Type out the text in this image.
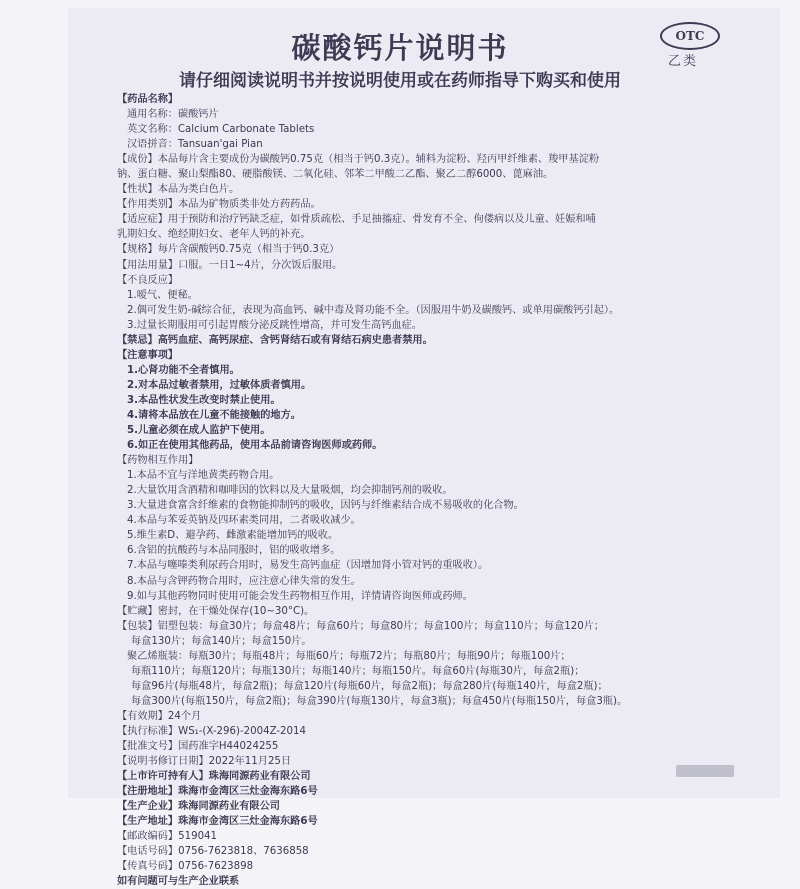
OTC
乙类
碳酸钙片说明书
请仔细阅读说明书并按说明使用或在药师指导下购买和使用
【药品名称】
通用名称：碳酸钙片
英文名称：Calcium Carbonate Tablets
汉语拼音：Tansuan'gai Pian
【成份】本品每片含主要成份为碳酸钙0.75克（相当于钙0.3克）。辅料为淀粉、羟丙甲纤维素、羧甲基淀粉
钠、蛋白糖、聚山梨酯80、硬脂酸镁、二氧化硅、邻苯二甲酸二乙酯、聚乙二醇6000、蓖麻油。
【性状】本品为类白色片。
【作用类别】本品为矿物质类非处方药药品。
【适应症】用于预防和治疗钙缺乏症，如骨质疏松、手足抽搐症、骨发育不全、佝偻病以及儿童、妊娠和哺
乳期妇女、绝经期妇女、老年人钙的补充。
【规格】每片含碳酸钙0.75克（相当于钙0.3克）
【用法用量】口服。一日1~4片，分次饭后服用。
【不良反应】
1.嗳气、便秘。
2.偶可发生奶-碱综合征，表现为高血钙、碱中毒及肾功能不全。（因服用牛奶及碳酸钙、或单用碳酸钙引起）。
3.过量长期服用可引起胃酸分泌反跳性增高，并可发生高钙血症。
【禁忌】高钙血症、高钙尿症、含钙肾结石或有肾结石病史患者禁用。
【注意事项】
1.心肾功能不全者慎用。
2.对本品过敏者禁用，过敏体质者慎用。
3.本品性状发生改变时禁止使用。
4.请将本品放在儿童不能接触的地方。
5.儿童必须在成人监护下使用。
6.如正在使用其他药品，使用本品前请咨询医师或药师。
【药物相互作用】
1.本品不宜与洋地黄类药物合用。
2.大量饮用含酒精和咖啡因的饮料以及大量吸烟，均会抑制钙剂的吸收。
3.大量进食富含纤维素的食物能抑制钙的吸收，因钙与纤维素结合成不易吸收的化合物。
4.本品与苯妥英钠及四环素类同用，二者吸收减少。
5.维生素D、避孕药、雌激素能增加钙的吸收。
6.含铝的抗酸药与本品同服时，铝的吸收增多。
7.本品与噻嗪类利尿药合用时，易发生高钙血症（因增加肾小管对钙的重吸收）。
8.本品与含钾药物合用时，应注意心律失常的发生。
9.如与其他药物同时使用可能会发生药物相互作用，详情请咨询医师或药师。
【贮藏】密封，在干燥处保存(10~30°C)。
【包装】铝塑包装：每盒30片；每盒48片；每盒60片；每盒80片；每盒100片；每盒110片；每盒120片；
每盒130片；每盒140片；每盒150片。
聚乙烯瓶装：每瓶30片；每瓶48片；每瓶60片；每瓶72片；每瓶80片；每瓶90片；每瓶100片；
每瓶110片；每瓶120片；每瓶130片；每瓶140片；每瓶150片。每盒60片(每瓶30片，每盒2瓶)；
每盒96片(每瓶48片，每盒2瓶)；每盒120片(每瓶60片，每盒2瓶)；每盒280片(每瓶140片，每盒2瓶)；
每盒300片(每瓶150片，每盒2瓶)；每盒390片(每瓶130片，每盒3瓶)；每盒450片(每瓶150片，每盒3瓶)。
【有效期】24个月
【执行标准】WS₁-(X-296)-2004Z-2014
【批准文号】国药准字H44024255
【说明书修订日期】2022年11月25日
【上市许可持有人】珠海同源药业有限公司
【注册地址】珠海市金湾区三灶金海东路6号
【生产企业】珠海同源药业有限公司
【生产地址】珠海市金湾区三灶金海东路6号
【邮政编码】519041
【电话号码】0756-7623818、7636858
【传真号码】0756-7623898
如有问题可与生产企业联系
